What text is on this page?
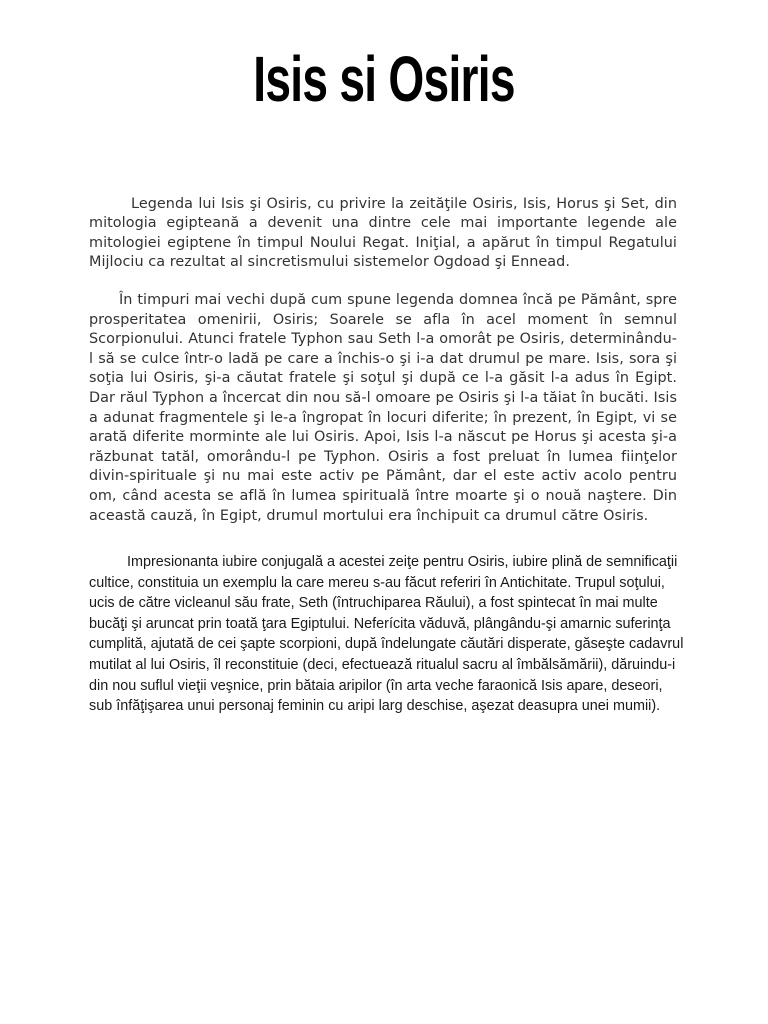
Isis si Osiris

Legenda lui Isis şi Osiris, cu privire la zeităţile Osiris, Isis, Horus şi Set, din mitologia egipteană a devenit una dintre cele mai importante legende ale mitologiei egiptene în timpul Noului Regat. Iniţial, a apărut în timpul Regatului Mijlociu ca rezultat al sincretismului sistemelor Ogdoad şi Ennead.

În timpuri mai vechi după cum spune legenda domnea încă pe Pământ, spre prosperitatea omenirii, Osiris; Soarele se afla în acel moment în semnul Scorpionului. Atunci fratele Typhon sau Seth l-a omorât pe Osiris, determinându-l să se culce într-o ladă pe care a închis-o şi i-a dat drumul pe mare. Isis, sora şi soţia lui Osiris, şi-a căutat fratele şi soţul şi după ce l-a găsit l-a adus în Egipt. Dar răul Typhon a încercat din nou să-l omoare pe Osiris şi l-a tăiat în bucăti. Isis a adunat fragmentele şi le-a îngropat în locuri diferite; în prezent, în Egipt, vi se arată diferite morminte ale lui Osiris. Apoi, Isis l-a născut pe Horus şi acesta şi-a răzbunat tatăl, omorându-l pe Typhon. Osiris a fost preluat în lumea fiinţelor divin-spirituale şi nu mai este activ pe Pământ, dar el este activ acolo pentru om, când acesta se află în lumea spirituală între moarte şi o nouă naştere. Din această cauză, în Egipt, drumul mortului era închipuit ca drumul către Osiris.

Impresionanta iubire conjugală a acestei zeiţe pentru Osiris, iubire plină de semnificaţii cultice, constituia un exemplu la care mereu s-au făcut referiri în Antichitate. Trupul soţului, ucis de către vicleanul său frate, Seth (întruchiparea Răului), a fost spintecat în mai multe bucăţi şi aruncat prin toată ţara Egiptului. Neferícita văduvă, plângându-şi amarnic suferinţa cumplită, ajutată de cei şapte scorpioni, după îndelungate căutări disperate, găseşte cadavrul mutilat al lui Osiris, îl reconstituie (deci, efectuează ritualul sacru al îmbălsămării), dăruindu-i din nou suflul vieţii veşnice, prin bătaia aripilor (în arta veche faraonică Isis apare, deseori, sub înfăţişarea unui personaj feminin cu aripi larg deschise, aşezat deasupra unei mumii).
